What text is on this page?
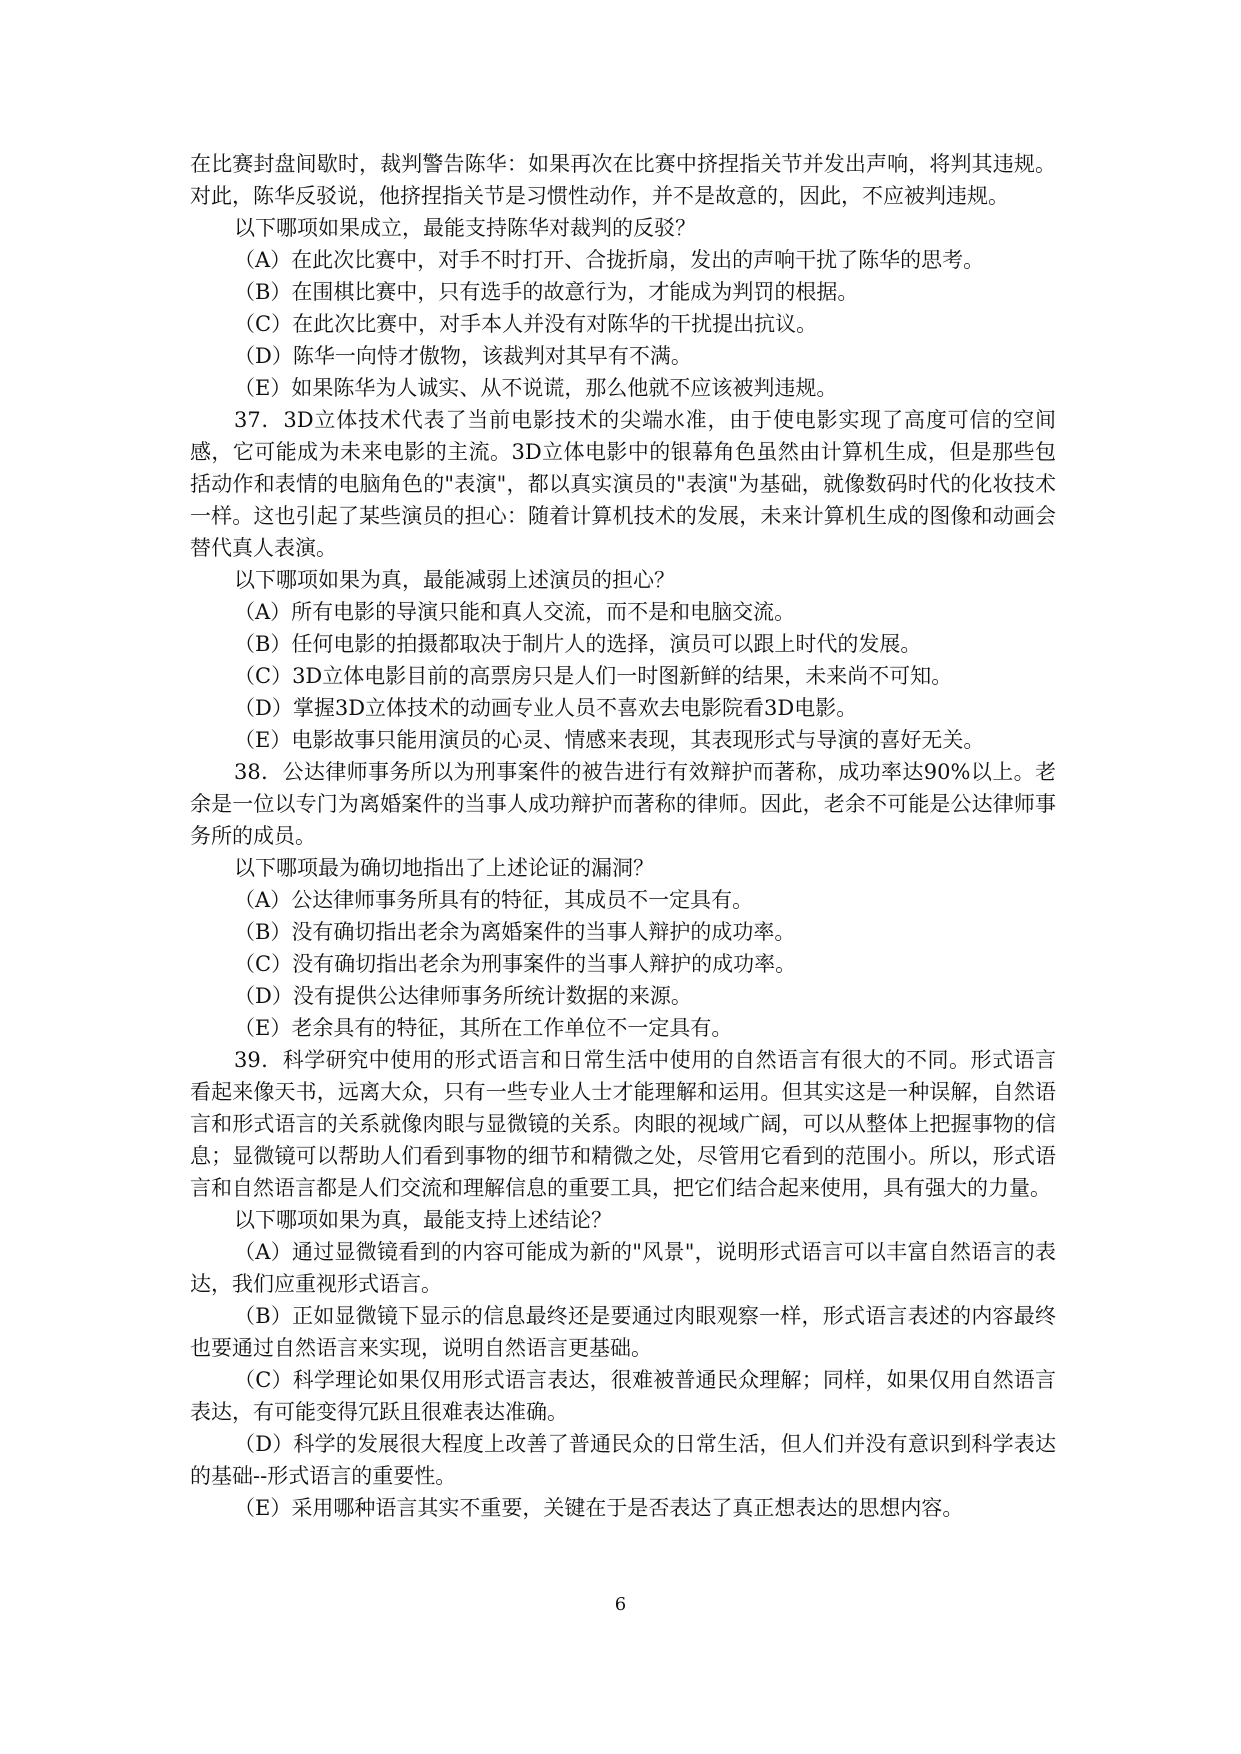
在比赛封盘间歇时，裁判警告陈华：如果再次在比赛中挤捏指关节并发出声响，将判其违规。对此，陈华反驳说，他挤捏指关节是习惯性动作，并不是故意的，因此，不应被判违规。

以下哪项如果成立，最能支持陈华对裁判的反驳？

（A）在此次比赛中，对手不时打开、合拢折扇，发出的声响干扰了陈华的思考。

（B）在围棋比赛中，只有选手的故意行为，才能成为判罚的根据。

（C）在此次比赛中，对手本人并没有对陈华的干扰提出抗议。

（D）陈华一向恃才傲物，该裁判对其早有不满。

（E）如果陈华为人诚实、从不说谎，那么他就不应该被判违规。

37．3D立体技术代表了当前电影技术的尖端水准，由于使电影实现了高度可信的空间感，它可能成为未来电影的主流。3D立体电影中的银幕角色虽然由计算机生成，但是那些包括动作和表情的电脑角色的"表演"，都以真实演员的"表演"为基础，就像数码时代的化妆技术一样。这也引起了某些演员的担心：随着计算机技术的发展，未来计算机生成的图像和动画会替代真人表演。

以下哪项如果为真，最能减弱上述演员的担心？

（A）所有电影的导演只能和真人交流，而不是和电脑交流。

（B）任何电影的拍摄都取决于制片人的选择，演员可以跟上时代的发展。

（C）3D立体电影目前的高票房只是人们一时图新鲜的结果，未来尚不可知。

（D）掌握3D立体技术的动画专业人员不喜欢去电影院看3D电影。

（E）电影故事只能用演员的心灵、情感来表现，其表现形式与导演的喜好无关。

38．公达律师事务所以为刑事案件的被告进行有效辩护而著称，成功率达90%以上。老余是一位以专门为离婚案件的当事人成功辩护而著称的律师。因此，老余不可能是公达律师事务所的成员。

以下哪项最为确切地指出了上述论证的漏洞？

（A）公达律师事务所具有的特征，其成员不一定具有。

（B）没有确切指出老余为离婚案件的当事人辩护的成功率。

（C）没有确切指出老余为刑事案件的当事人辩护的成功率。

（D）没有提供公达律师事务所统计数据的来源。

（E）老余具有的特征，其所在工作单位不一定具有。

39．科学研究中使用的形式语言和日常生活中使用的自然语言有很大的不同。形式语言看起来像天书，远离大众，只有一些专业人士才能理解和运用。但其实这是一种误解，自然语言和形式语言的关系就像肉眼与显微镜的关系。肉眼的视域广阔，可以从整体上把握事物的信息；显微镜可以帮助人们看到事物的细节和精微之处，尽管用它看到的范围小。所以，形式语言和自然语言都是人们交流和理解信息的重要工具，把它们结合起来使用，具有强大的力量。

以下哪项如果为真，最能支持上述结论？

（A）通过显微镜看到的内容可能成为新的"风景"，说明形式语言可以丰富自然语言的表达，我们应重视形式语言。

（B）正如显微镜下显示的信息最终还是要通过肉眼观察一样，形式语言表述的内容最终也要通过自然语言来实现，说明自然语言更基础。

（C）科学理论如果仅用形式语言表达，很难被普通民众理解；同样，如果仅用自然语言表达，有可能变得冗跃且很难表达准确。

（D）科学的发展很大程度上改善了普通民众的日常生活，但人们并没有意识到科学表达的基础--形式语言的重要性。

（E）采用哪种语言其实不重要，关键在于是否表达了真正想表达的思想内容。

6
